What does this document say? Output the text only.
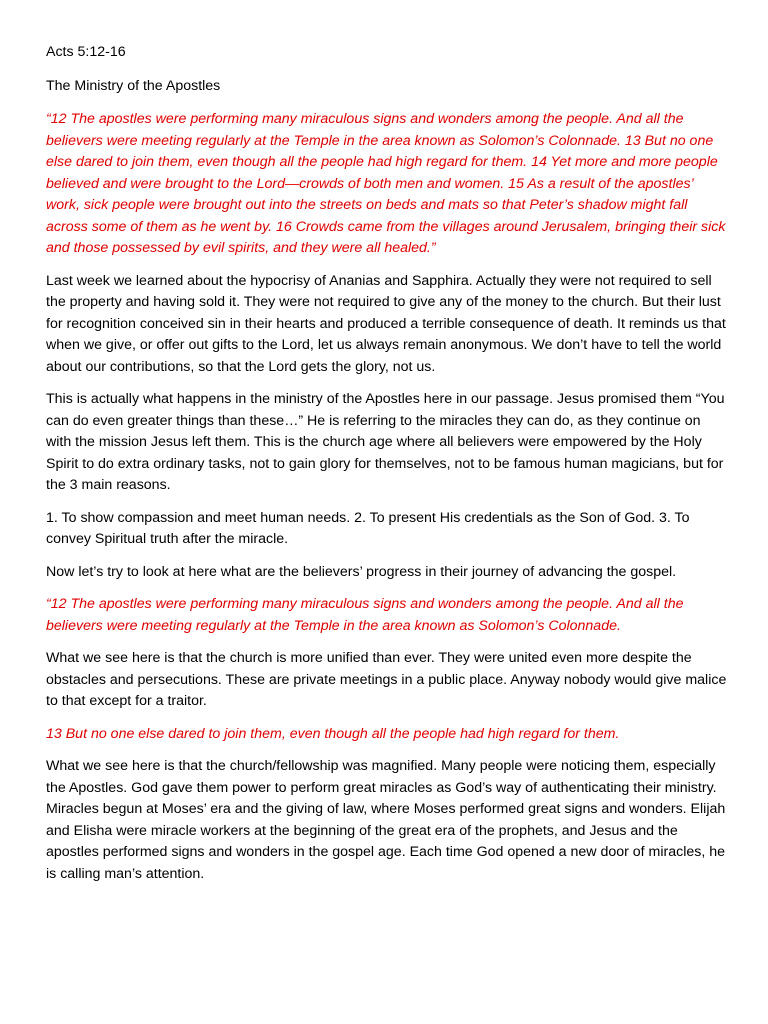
Acts 5:12-16

The Ministry of the Apostles

“12 The apostles were performing many miraculous signs and wonders among the people. And all the believers were meeting regularly at the Temple in the area known as Solomon’s Colonnade. 13 But no one else dared to join them, even though all the people had high regard for them. 14 Yet more and more people believed and were brought to the Lord—crowds of both men and women. 15 As a result of the apostles’ work, sick people were brought out into the streets on beds and mats so that Peter’s shadow might fall across some of them as he went by. 16 Crowds came from the villages around Jerusalem, bringing their sick and those possessed by evil spirits, and they were all healed.”

Last week we learned about the hypocrisy of Ananias and Sapphira. Actually they were not required to sell the property and having sold it. They were not required to give any of the money to the church. But their lust for recognition conceived sin in their hearts and produced a terrible consequence of death. It reminds us that when we give, or offer out gifts to the Lord, let us always remain anonymous. We don’t have to tell the world about our contributions, so that the Lord gets the glory, not us.

This is actually what happens in the ministry of the Apostles here in our passage. Jesus promised them “You can do even greater things than these…” He is referring to the miracles they can do, as they continue on with the mission Jesus left them. This is the church age where all believers were empowered by the Holy Spirit to do extra ordinary tasks, not to gain glory for themselves, not to be famous human magicians, but for the 3 main reasons.

1. To show compassion and meet human needs. 2. To present His credentials as the Son of God. 3. To convey Spiritual truth after the miracle.

Now let’s try to look at here what are the believers’ progress in their journey of advancing the gospel.

“12 The apostles were performing many miraculous signs and wonders among the people. And all the believers were meeting regularly at the Temple in the area known as Solomon’s Colonnade.

What we see here is that the church is more unified than ever. They were united even more despite the obstacles and persecutions. These are private meetings in a public place. Anyway nobody would give malice to that except for a traitor.

13 But no one else dared to join them, even though all the people had high regard for them.

What we see here is that the church/fellowship was magnified. Many people were noticing them, especially the Apostles. God gave them power to perform great miracles as God’s way of authenticating their ministry. Miracles begun at Moses’ era and the giving of law, where Moses performed great signs and wonders. Elijah and Elisha were miracle workers at the beginning of the great era of the prophets, and Jesus and the apostles performed signs and wonders in the gospel age. Each time God opened a new door of miracles, he is calling man’s attention.
